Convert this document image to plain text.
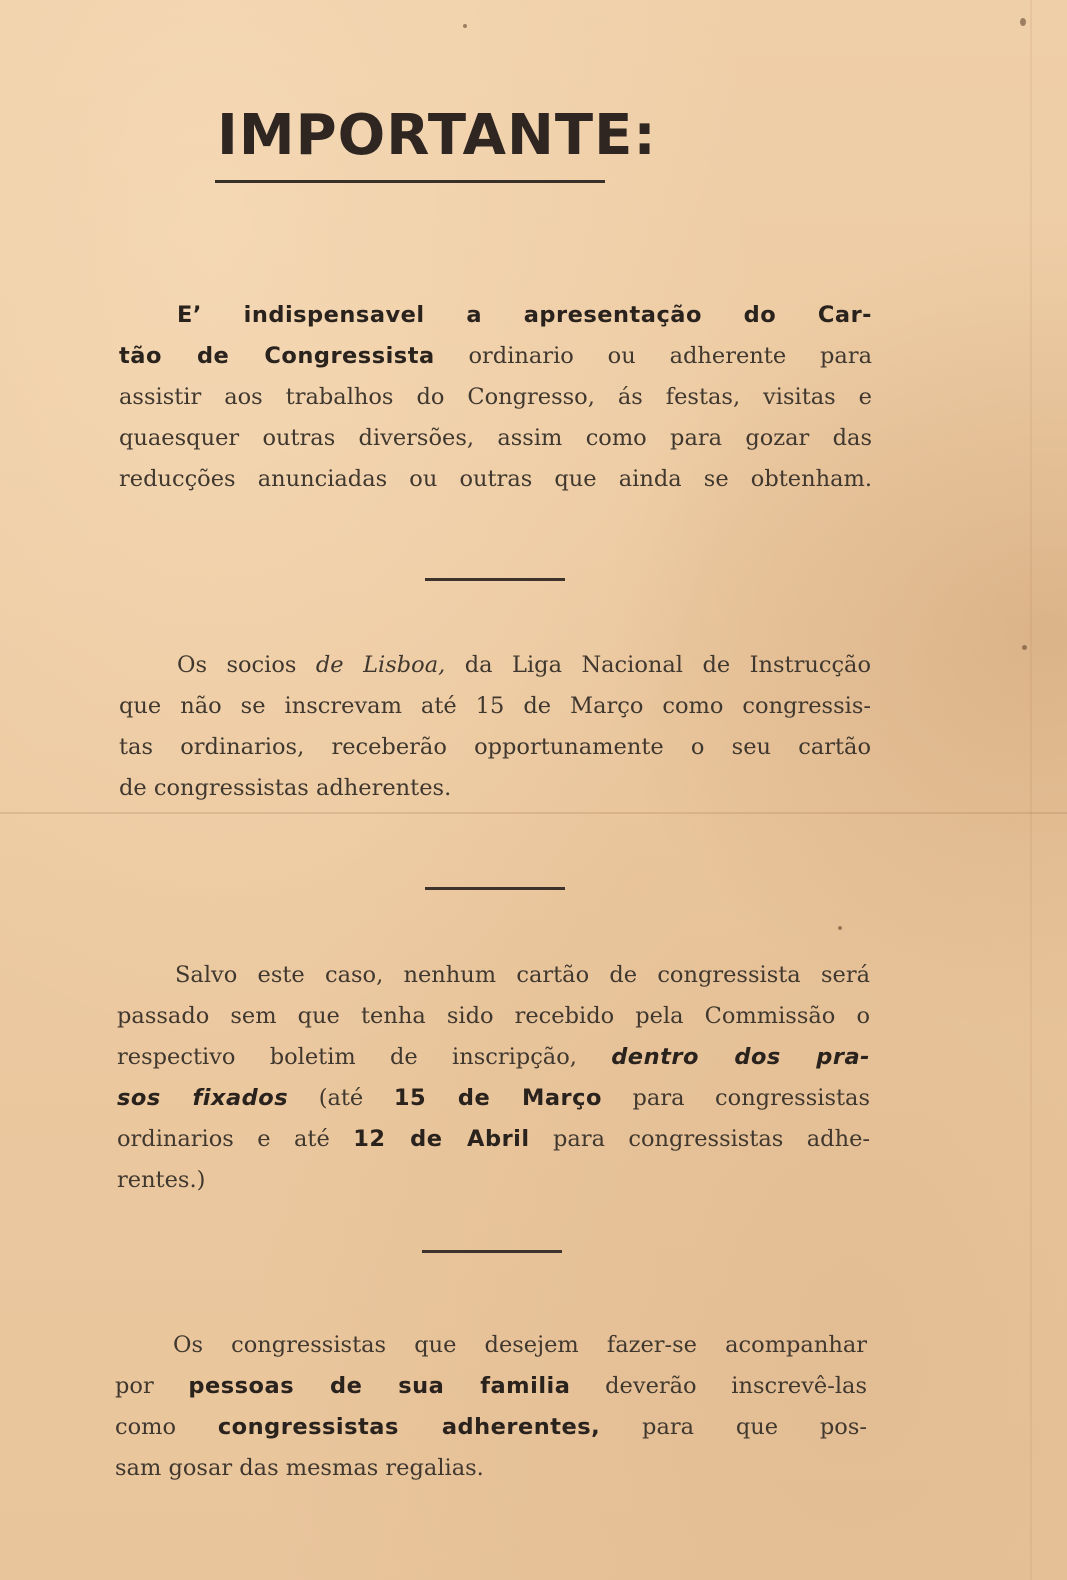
IMPORTANTE:
E’ indispensavel a apresentação do Car-
tão de Congressista ordinario ou adherente para
assistir aos trabalhos do Congresso, ás festas, visitas e
quaesquer outras diversões, assim como para gozar das
reducções anunciadas ou outras que ainda se obtenham.
Os socios de Lisboa, da Liga Nacional de Instrucção
que não se inscrevam até 15 de Março como congressis-
tas ordinarios, receberão opportunamente o seu cartão
de congressistas adherentes.
Salvo este caso, nenhum cartão de congressista será
passado sem que tenha sido recebido pela Commissão o
respectivo boletim de inscripção, dentro dos pra-
sos fixados (até 15 de Março para congressistas
ordinarios e até 12 de Abril para congressistas adhe-
rentes.)
Os congressistas que desejem fazer-se acompanhar
por pessoas de sua familia deverão inscrevê-las
como congressistas adherentes, para que pos-
sam gosar das mesmas regalias.
